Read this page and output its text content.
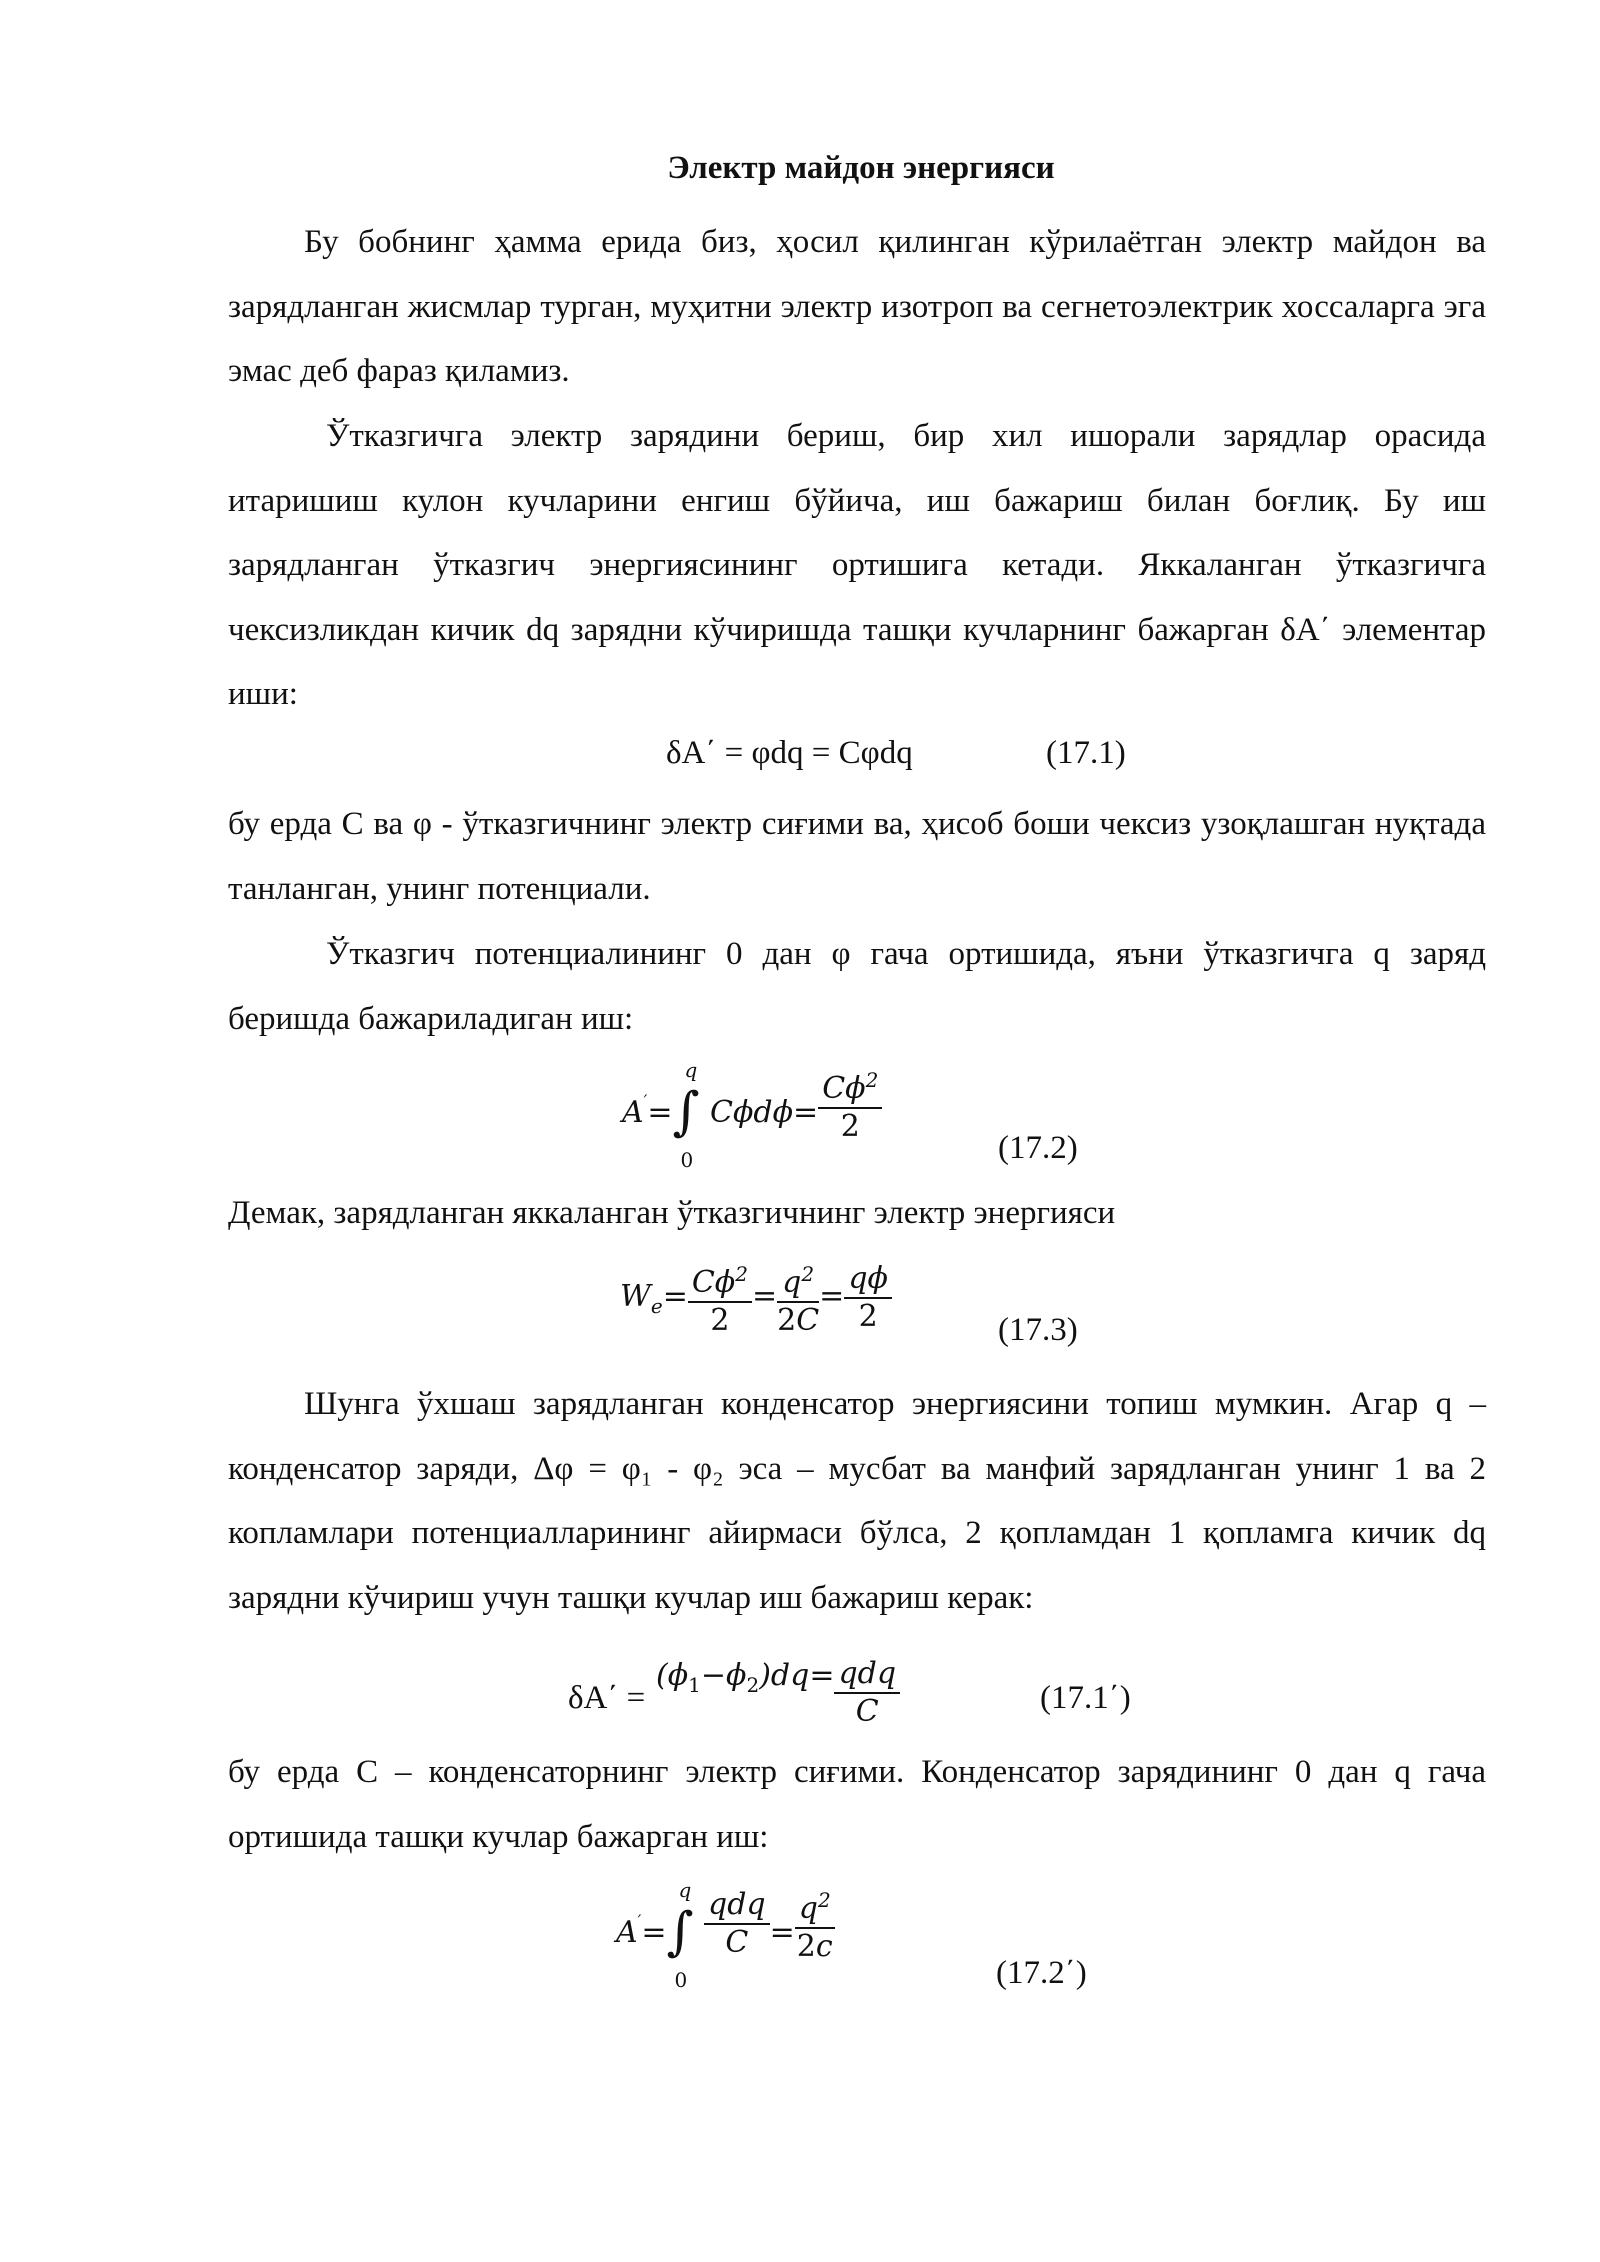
Электр майдон энергияси

Бу бобнинг ҳамма ерида биз, ҳосил қилинган кўрилаётган электр майдон ва зарядланган жисмлар турган, муҳитни электр изотроп ва сегнетоэлектрик хоссаларга эга эмас деб фараз қиламиз.

Ўтказгичга электр зарядини бериш, бир хил ишорали зарядлар орасида итаришиш кулон кучларини енгиш бўйича, иш бажариш билан боғлиқ. Бу иш зарядланган ўтказгич энергиясининг ортишига кетади. Яккаланган ўтказгичга чексизликдан кичик dq зарядни кўчиришда ташқи кучларнинг бажарган δA΄ элементар иши:

δA΄ = φdq = Cφdq	(17.1)

бу ерда C ва φ - ўтказгичнинг электр сиғими ва, ҳисоб боши чексиз узоқлашган нуқтада танланган, унинг потенциали.

Ўтказгич потенциалининг 0 дан φ гача ортишида, яъни ўтказгичга q заряд беришда бажариладиган иш:

A′=∫
q
0
$C\phi d\phi= \frac{C\phi^2}{2}$
(17.2)
Демак, зарядланган яккаланган ўтказгичнинг электр энергияси
$W_e= \frac{C\phi^2}{2} = \frac{q^2}{2C} = \frac{q\phi}{2}$	(17.3)

Шунга ўхшаш зарядланган конденсатор энергиясини топиш мумкин. Агар q – конденсатор заряди, Δφ = φ₁ - φ₂ эса – мусбат ва манфий зарядланган унинг 1 ва 2 копламлари потенциалларининг айирмаси бўлса, 2 қопламдан 1 қопламга кичик dq зарядни кўчириш учун ташқи кучлар иш бажариш керак:

δA΄ =
$(\phi_1-\phi_2)dq= \frac{\text{qdq}}{C}$	(17.1΄)

бу ерда C – конденсаторнинг электр сиғими. Конденсатор зарядининг 0 дан q гача ортишида ташқи кучлар бажарган иш:

A′=∫
q
0

$\frac{\text{qdq}}{C} = \frac{q^2}{2c}$
(17.2΄)
